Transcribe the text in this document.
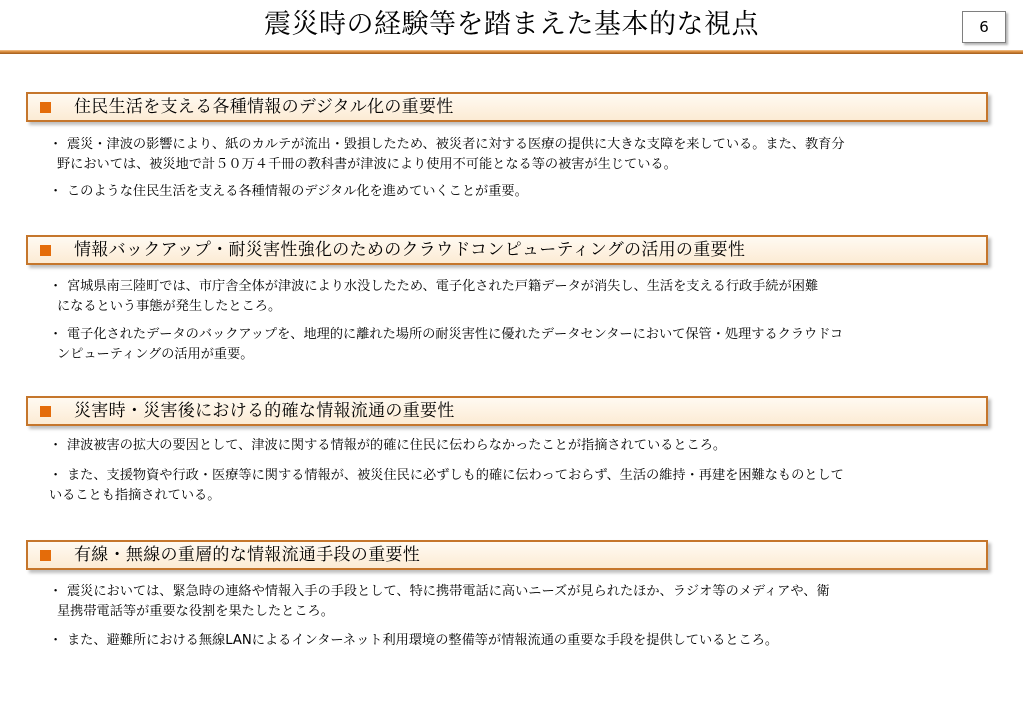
震災時の経験等を踏まえた基本的な視点	6
住民生活を支える各種情報のデジタル化の重要性
・ 震災・津波の影響により、紙のカルテが流出・毀損したため、被災者に対する医療の提供に大きな支障を来している。また、教育分
野においては、被災地で計５０万４千冊の教科書が津波により使用不可能となる等の被害が生じている。
・ このような住民生活を支える各種情報のデジタル化を進めていくことが重要。
情報バックアップ・耐災害性強化のためのクラウドコンピューティングの活用の重要性
・ 宮城県南三陸町では、市庁舎全体が津波により水没したため、電子化された戸籍データが消失し、生活を支える行政手続が困難
になるという事態が発生したところ。
・ 電子化されたデータのバックアップを、地理的に離れた場所の耐災害性に優れたデータセンターにおいて保管・処理するクラウドコ
ンピューティングの活用が重要。
災害時・災害後における的確な情報流通の重要性
・ 津波被害の拡大の要因として、津波に関する情報が的確に住民に伝わらなかったことが指摘されているところ。
・ また、支援物資や行政・医療等に関する情報が、被災住民に必ずしも的確に伝わっておらず、生活の維持・再建を困難なものとして
いることも指摘されている。
有線・無線の重層的な情報流通手段の重要性
・ 震災においては、緊急時の連絡や情報入手の手段として、特に携帯電話に高いニーズが見られたほか、ラジオ等のメディアや、衛
星携帯電話等が重要な役割を果たしたところ。
・ また、避難所における無線LANによるインターネット利用環境の整備等が情報流通の重要な手段を提供しているところ。
